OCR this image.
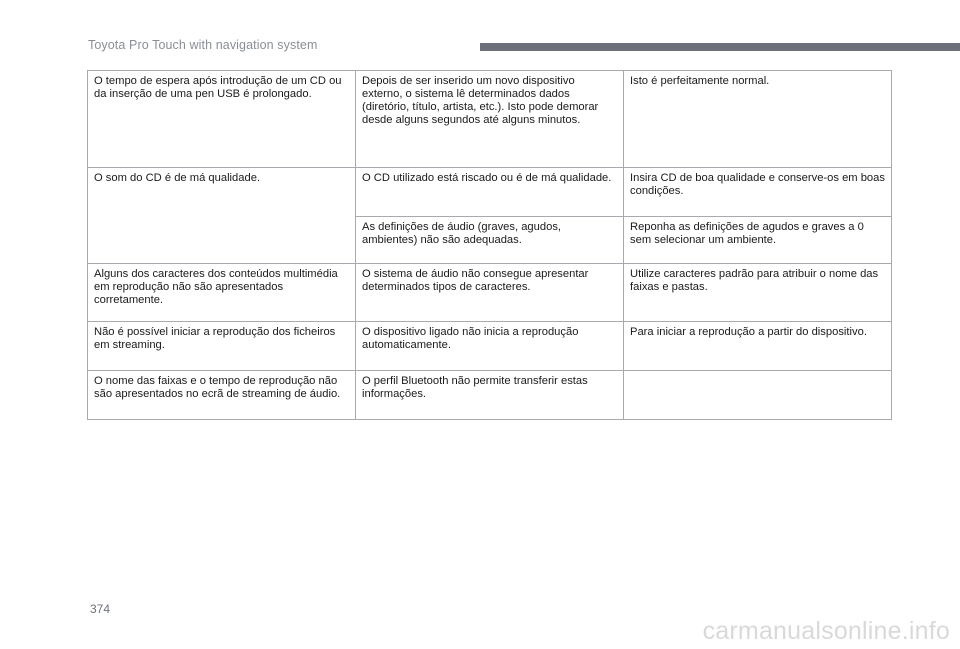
Toyota Pro Touch with navigation system
O tempo de espera após introdução de um CD ou da inserção de uma pen USB é prolongado.	Depois de ser inserido um novo dispositivo externo, o sistema lê determinados dados (diretório, título, artista, etc.). Isto pode demorar desde alguns segundos até alguns minutos.	Isto é perfeitamente normal.
O som do CD é de má qualidade.	O CD utilizado está riscado ou é de má qualidade.	Insira CD de boa qualidade e conserve-os em boas condições.
	As definições de áudio (graves, agudos, ambientes) não são adequadas.	Reponha as definições de agudos e graves a 0 sem selecionar um ambiente.
Alguns dos caracteres dos conteúdos multimédia em reprodução não são apresentados corretamente.	O sistema de áudio não consegue apresentar determinados tipos de caracteres.	Utilize caracteres padrão para atribuir o nome das faixas e pastas.
Não é possível iniciar a reprodução dos ficheiros em streaming.	O dispositivo ligado não inicia a reprodução automaticamente.	Para iniciar a reprodução a partir do dispositivo.
O nome das faixas e o tempo de reprodução não são apresentados no ecrã de streaming de áudio.	O perfil Bluetooth não permite transferir estas informações.	
374
carmanualsonline.info
